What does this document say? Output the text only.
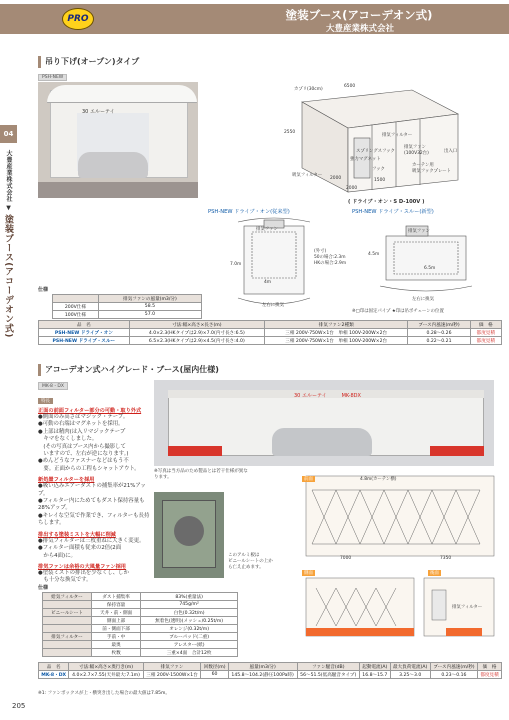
PRO	塗装ブース(アコーデオン式)
大豊産業株式会社
04
大豊産業株式会社 ▼ 塗装ブース(アコーデオン式)
205
吊り下げ(オープン)タイプ
PSH-NEW
30 エルーテイ
カプリ(30cm)
6500
2550
排気フィルター
スプリングスフック
排気ファン
(100V32台)	出入口
強力マグネット
フック
カーテン用
吸気フックプレート
吸気フィルター
2000
2000
1500
( ドライブ・オン・S D-100V )
PSH-NEW ドライブ・オン(従来型)	PSH-NEW ドライブ・スルー(新型)
7.0m
4m
排気ファン
(外寸)
50の場合:2.3m
HKの場合:2.9m
左右に換気
4.5m
排気ファン
6.5m
左右に換気
※□印は固定パイプ ★印は吊ボチェーンの位置
仕様
	排気ファンの風量(m3/分)
200V仕様	58.5
100V仕様	57.0
品　名	寸法:幅×高さ×長さ(m)	排気ファン2種類	ブース内風速(m/秒)	価　格
PSH-NEW ドライブ・オン	4.0×2.3(HKタイプは2.9)×7.0(内寸長さ:6.5)	三相 200V-750W×1台　単相 100V-200W×2台	0.28〜0.26	都度見積
PSH-NEW ドライブ・スルー	6.5×2.3(HKタイプは2.9)×4.5(内寸長さ:4.0)	三相 200V-750W×1台　単相 100V-200W×2台	0.22〜0.21	都度見積
アコーデオン式ハイグレード・ブース(屋内仕様)
MK-8・DX
特長
正面の前面フィルター部分の可動・取り外式
●側面のみ高さはマジック・テープ。
●可動の右端はマグネットを採用。
●上部は精肉(は入リマジックテープ
　キマをなくしました。
　(その写真はブース内から撮影して
　いますので、左右が逆になります。)
●めんどうなファスナーなどはもう不
　要。正面からの工程もシャットアウト。
新処置フィルターを採用
●吸い込みエアーダストの捕集率が21%アップ。
●フィルター内にためてもダスト保持容量も28%アップ。
●キレイな空気で作業でき、フィルターも長持ちします。
排出する塗装ミストを大幅に削減
●排気フィルターは三枚重ねに大きく変更。
●フィルター面積も従来の2倍(2面
　から4面)に。
排気ファンは余裕の大風量ファン採用
●塗装ミストの排出を少なくし、しか
　も十分な換気です。
30 エルーテイ　　　MK-8DX
※写真は当方品のため製品とは若干仕様が異なります。
このアルミ板は
ビニールシートの上か
ら亡え止めます。
前面	4.8m(カーテン横)
7000	7350
側面	後面
排気フィルター
仕様
給気フィルター	ダスト捕集率	83%(重量法)
	保持容量	745g/m²
ビニールシート	天井・前・側面	白色(0.32t/m)
	側面上部	無着色(透明)(メッシュ/0.25t/m)
	前・側面下部	オレンジ(0.32t/m)
排気フィルター	手前・中	ブルーパッド(二重)
	最奥	アレスター(紙)
	枚数	三重×4面　合計12枚
品　名	寸法:幅×高さ×奥行き(m)	排気ファン	回数径(m)	風量(m3/分)	ファン騒音(dB)	起動電流(A)	最大負荷電流(A)	ブース内風速(m/秒)	価　格
MK-8・DX	4.0×2.7×7.55(天井最大:7.1m)	三相 200V-1500W×1台	60	145.8〜104.2(静圧100Pa時)	56〜51.5(低高騒音タイプ)	16.8〜15.7	3.25〜3.0	0.23〜0.16	都度見積
※1: ファンボックスが上・横突き出した場合の最大値は7.85m。
